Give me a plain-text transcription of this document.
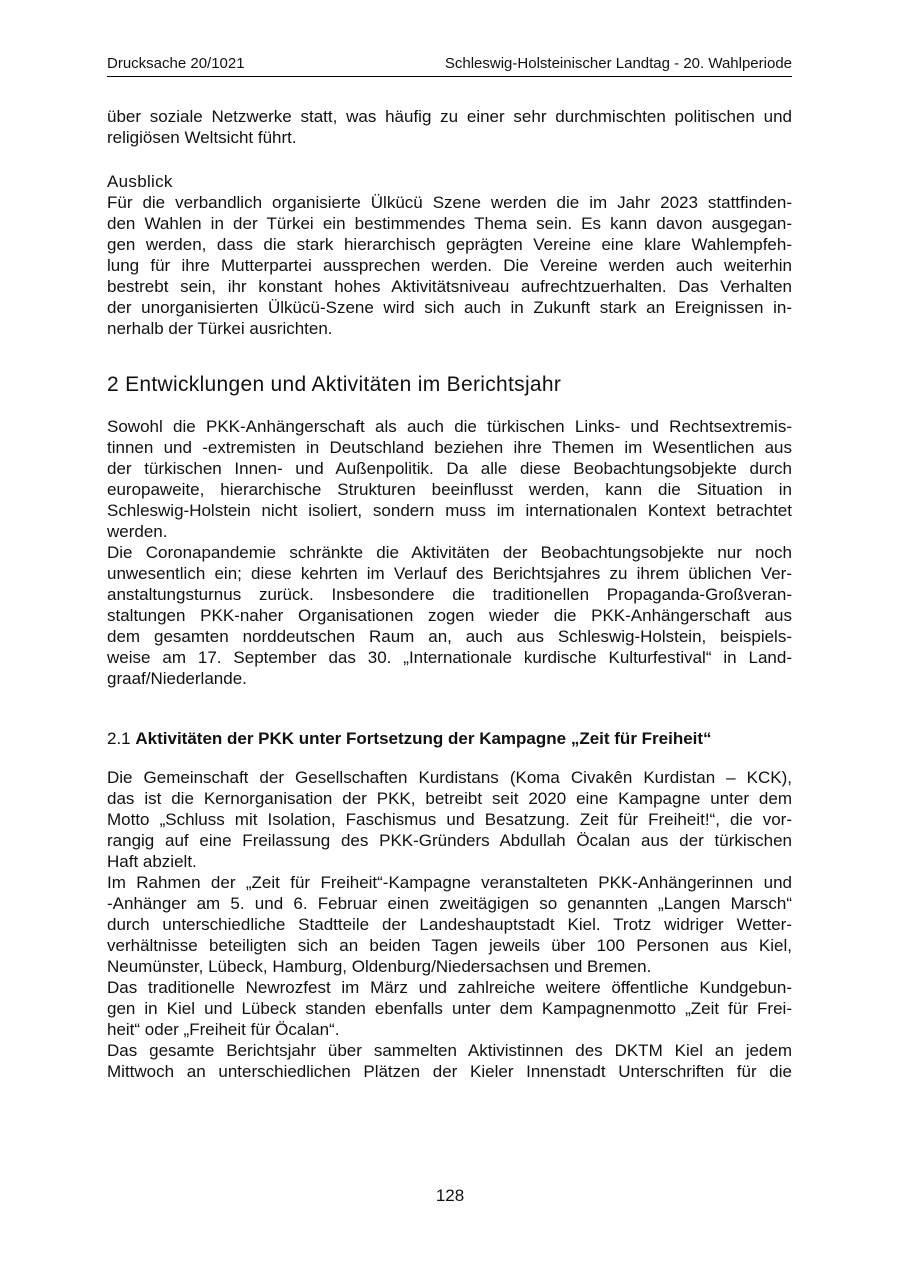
Drucksache 20/1021	Schleswig-Holsteinischer Landtag - 20. Wahlperiode

über soziale Netzwerke statt, was häufig zu einer sehr durchmischten politischen und
religiösen Weltsicht führt.

Ausblick

Für die verbandlich organisierte Ülkücü Szene werden die im Jahr 2023 stattfinden-
den Wahlen in der Türkei ein bestimmendes Thema sein. Es kann davon ausgegan-
gen werden, dass die stark hierarchisch geprägten Vereine eine klare Wahlempfeh-
lung für ihre Mutterpartei aussprechen werden. Die Vereine werden auch weiterhin
bestrebt sein, ihr konstant hohes Aktivitätsniveau aufrechtzuerhalten. Das Verhalten
der unorganisierten Ülkücü-Szene wird sich auch in Zukunft stark an Ereignissen in-
nerhalb der Türkei ausrichten.

2 Entwicklungen und Aktivitäten im Berichtsjahr

Sowohl die PKK-Anhängerschaft als auch die türkischen Links- und Rechtsextremis-
tinnen und -extremisten in Deutschland beziehen ihre Themen im Wesentlichen aus
der türkischen Innen- und Außenpolitik. Da alle diese Beobachtungsobjekte durch
europaweite, hierarchische Strukturen beeinflusst werden, kann die Situation in
Schleswig-Holstein nicht isoliert, sondern muss im internationalen Kontext betrachtet
werden.

Die Coronapandemie schränkte die Aktivitäten der Beobachtungsobjekte nur noch
unwesentlich ein; diese kehrten im Verlauf des Berichtsjahres zu ihrem üblichen Ver-
anstaltungsturnus zurück. Insbesondere die traditionellen Propaganda-Großveran-
staltungen PKK-naher Organisationen zogen wieder die PKK-Anhängerschaft aus
dem gesamten norddeutschen Raum an, auch aus Schleswig-Holstein, beispiels-
weise am 17. September das 30. „Internationale kurdische Kulturfestival“ in Land-
graaf/Niederlande.

2.1 Aktivitäten der PKK unter Fortsetzung der Kampagne „Zeit für Freiheit“

Die Gemeinschaft der Gesellschaften Kurdistans (Koma Civakên Kurdistan – KCK),
das ist die Kernorganisation der PKK, betreibt seit 2020 eine Kampagne unter dem
Motto „Schluss mit Isolation, Faschismus und Besatzung. Zeit für Freiheit!“, die vor-
rangig auf eine Freilassung des PKK-Gründers Abdullah Öcalan aus der türkischen
Haft abzielt.

Im Rahmen der „Zeit für Freiheit“-Kampagne veranstalteten PKK-Anhängerinnen und
-Anhänger am 5. und 6. Februar einen zweitägigen so genannten „Langen Marsch“
durch unterschiedliche Stadtteile der Landeshauptstadt Kiel. Trotz widriger Wetter-
verhältnisse beteiligten sich an beiden Tagen jeweils über 100 Personen aus Kiel,
Neumünster, Lübeck, Hamburg, Oldenburg/Niedersachsen und Bremen.

Das traditionelle Newrozfest im März und zahlreiche weitere öffentliche Kundgebun-
gen in Kiel und Lübeck standen ebenfalls unter dem Kampagnenmotto „Zeit für Frei-
heit“ oder „Freiheit für Öcalan“.

Das gesamte Berichtsjahr über sammelten Aktivistinnen des DKTM Kiel an jedem
Mittwoch an unterschiedlichen Plätzen der Kieler Innenstadt Unterschriften für die

128
